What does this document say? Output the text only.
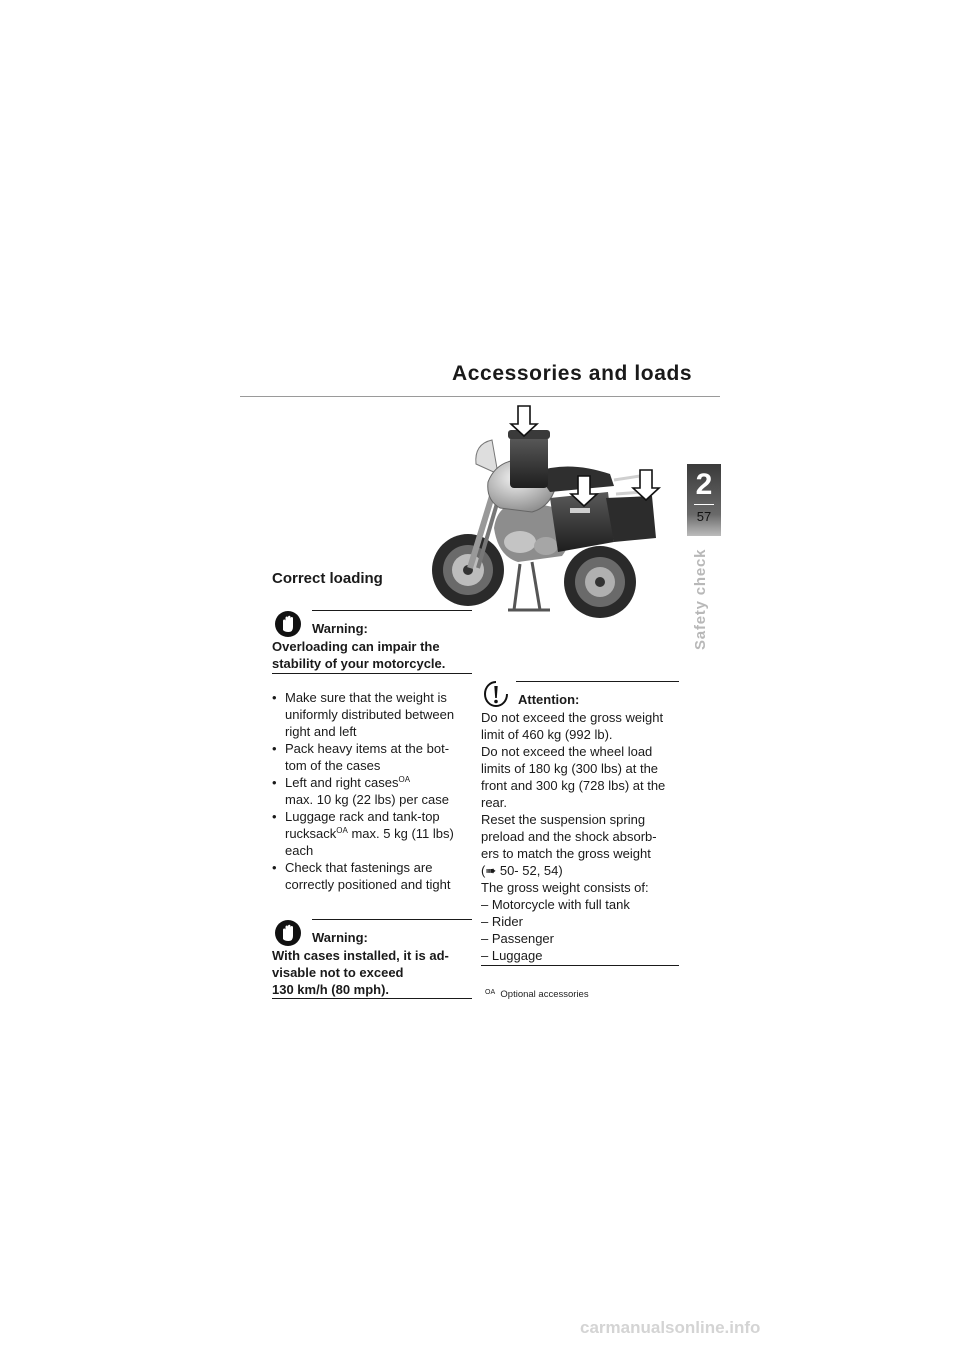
Accessories and loads
2
57
Safety check
Correct loading
Warning:
Overloading can impair the stability of your motorcycle.
• Make sure that the weight is
uniformly distributed between
right and left
• Pack heavy items at the bot-
tom of the cases
• Left and right cases$^{OA}$
max. 10 kg (22 lbs) per case
• Luggage rack and tank-top
rucksack$^{OA}$ max. 5 kg (11 lbs)
each
• Check that fastenings are
correctly positioned and tight
Warning:
With cases installed, it is ad-
visable not to exceed
130 km/h (80 mph).
Attention:
Do not exceed the gross weight
limit of 460 kg (992 lb).
Do not exceed the wheel load
limits of 180 kg (300 lbs) at the
front and 300 kg (728 lbs) at the
rear.
Reset the suspension spring
preload and the shock absorb-
ers to match the gross weight
(➠ 50- 52, 54)
The gross weight consists of:
– Motorcycle with full tank
– Rider
– Passenger
– Luggage
$^{OA}$ Optional accessories
carmanualsonline.info
